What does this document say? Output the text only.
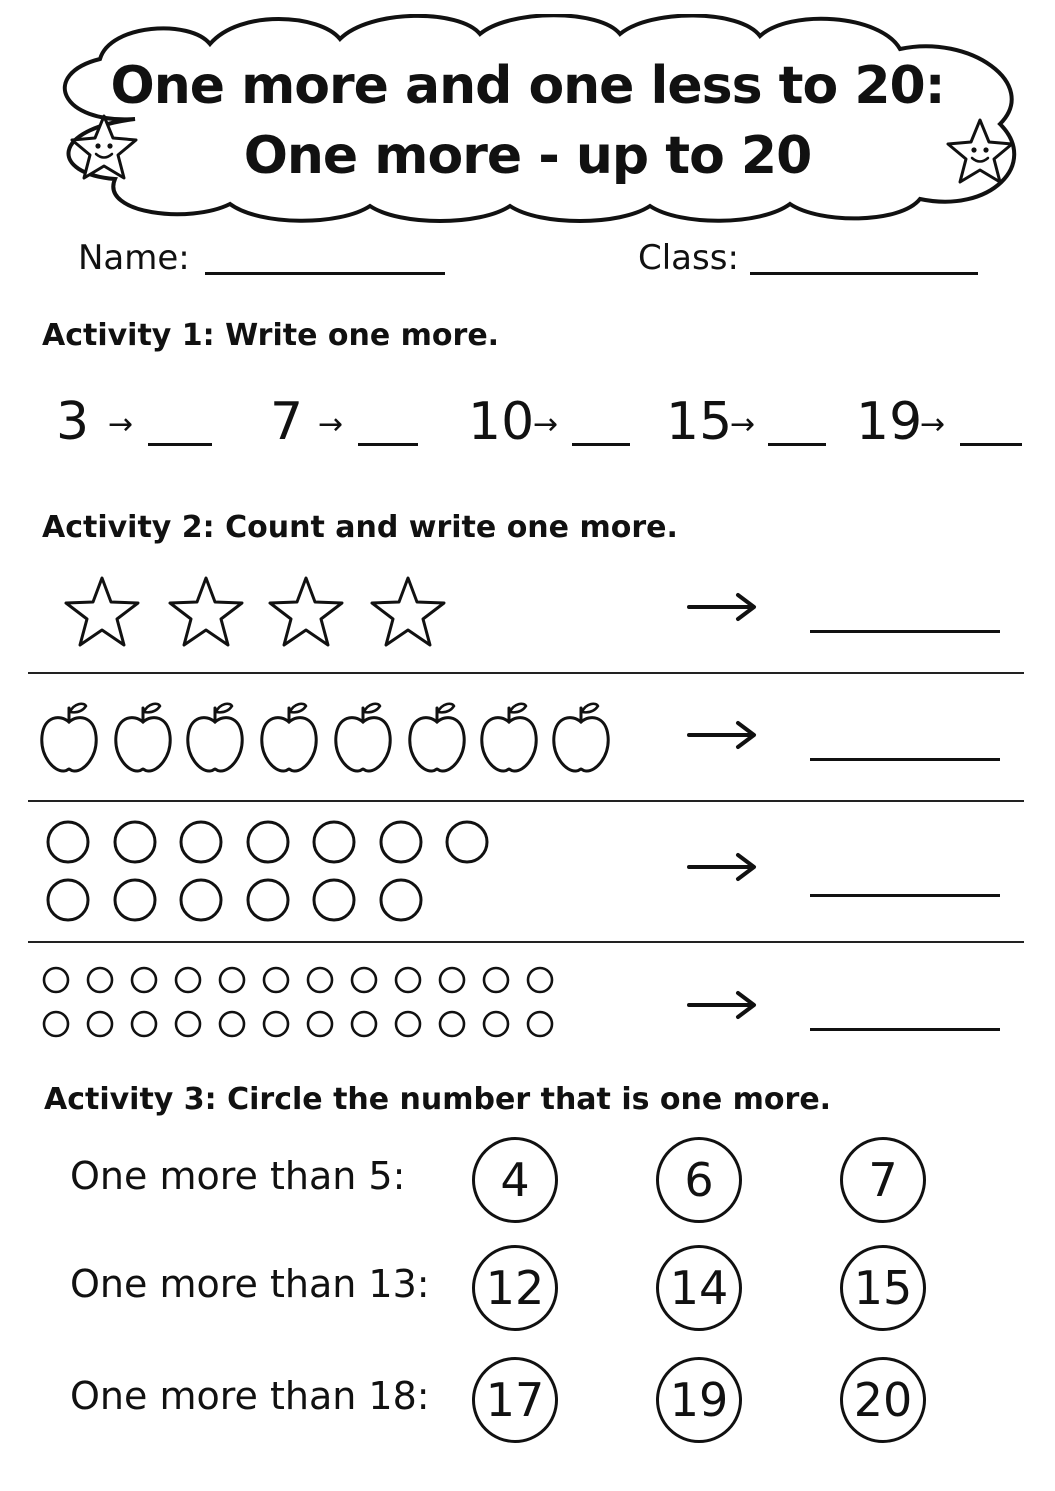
One more and one less to 20:
One more - up to 20
Name:	Class:
Activity 1: Write one more.
3 →	7 → 10
→ 15
→ 19
→
Activity 2: Count and write one more.
Activity 3: Circle the number that is one more.
One more than 5:	4	6	7
One more than 13: 12	14	15
One more than 18: 17	19	20
